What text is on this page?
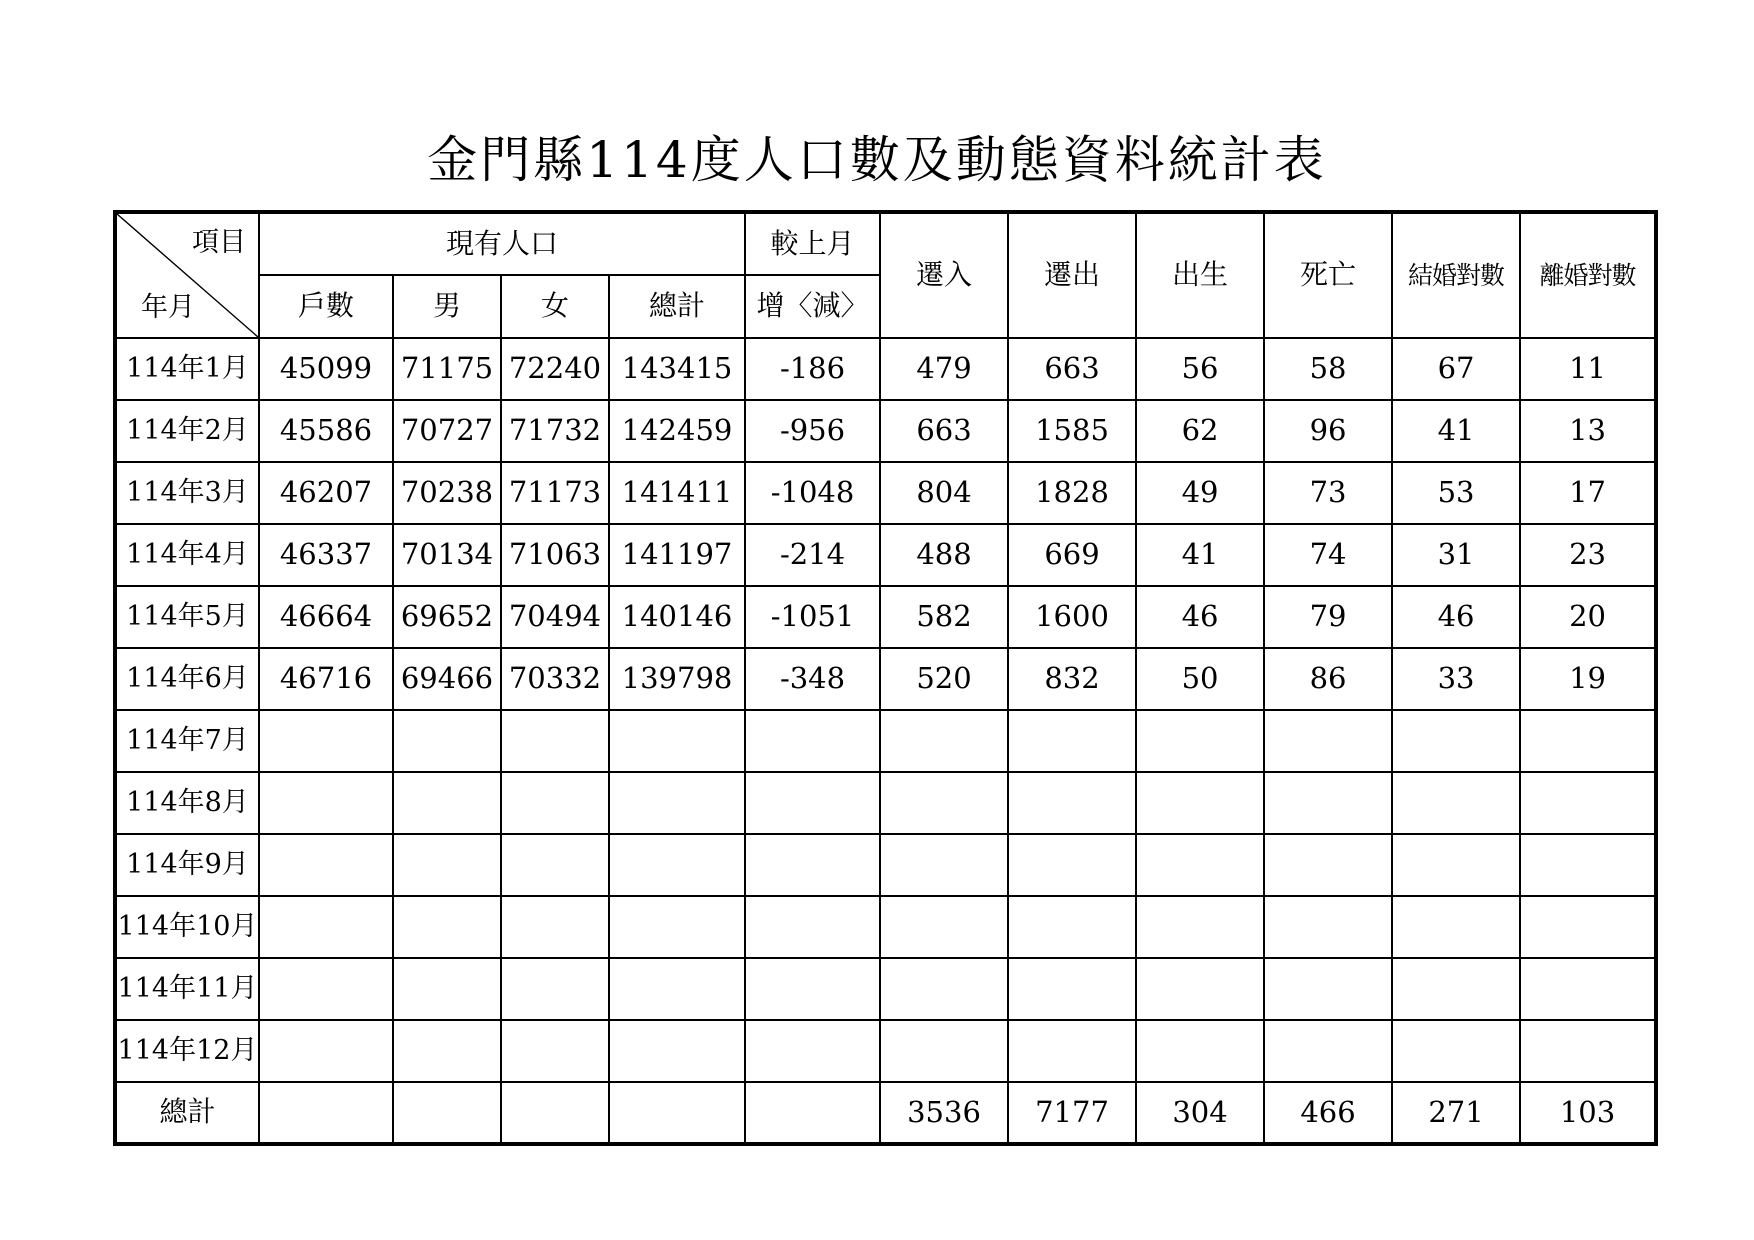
金門縣114度人口數及動態資料統計表
項目
年月	現有人口				較上月	遷入	遷出	出生	死亡	結婚對數	離婚對數
	戶數	男	女	總計	增〈減〉						
114年1月	45099	71175	72240	143415	-186	479	663	56	58	67	11
114年2月	45586	70727	71732	142459	-956	663	1585	62	96	41	13
114年3月	46207	70238	71173	141411	-1048	804	1828	49	73	53	17
114年4月	46337	70134	71063	141197	-214	488	669	41	74	31	23
114年5月	46664	69652	70494	140146	-1051	582	1600	46	79	46	20
114年6月	46716	69466	70332	139798	-348	520	832	50	86	33	19
114年7月											
114年8月											
114年9月											
114年10月											
114年11月											
114年12月											
總計						3536	7177	304	466	271	103
